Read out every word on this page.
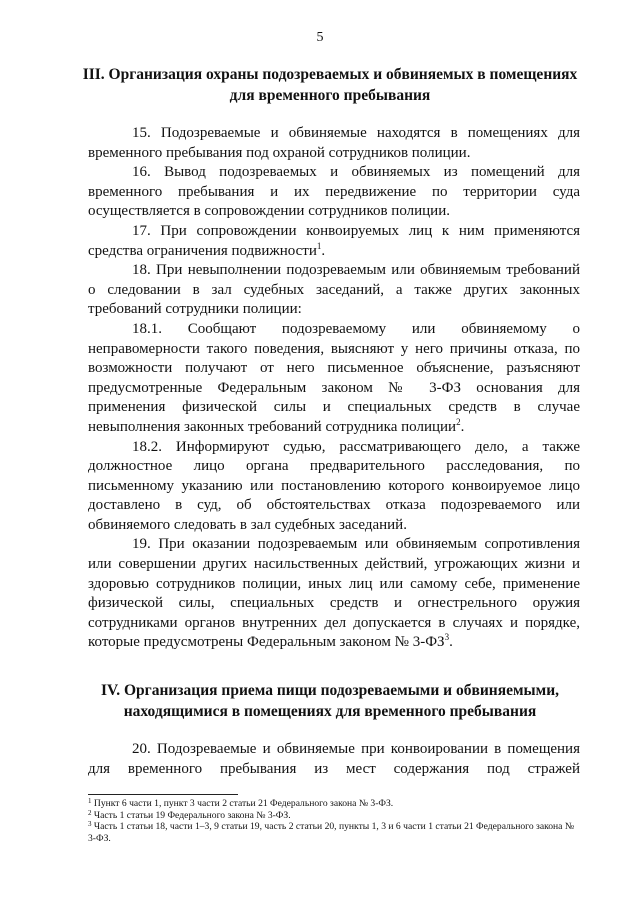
5
III. Организация охраны подозреваемых и обвиняемых в помещениях
для временного пребывания

15. Подозреваемые и обвиняемые находятся в помещениях для временного пребывания под охраной сотрудников полиции.

16. Вывод подозреваемых и обвиняемых из помещений для временного пребывания и их передвижение по территории суда осуществляется в сопровождении сотрудников полиции.

17. При сопровождении конвоируемых лиц к ним применяются средства ограничения подвижности$^1$.

18. При невыполнении подозреваемым или обвиняемым требований о следовании в зал судебных заседаний, а также других законных требований сотрудники полиции:

18.1. Сообщают подозреваемому или обвиняемому о неправомерности такого поведения, выясняют у него причины отказа, по возможности получают от него письменное объяснение, разъясняют предусмотренные Федеральным законом № 3-ФЗ основания для применения физической силы и специальных средств в случае невыполнения законных требований сотрудника полиции$^2$.

18.2. Информируют судью, рассматривающего дело, а также должностное лицо органа предварительного расследования, по письменному указанию или постановлению которого конвоируемое лицо доставлено в суд, об обстоятельствах отказа подозреваемого или обвиняемого следовать в зал судебных заседаний.

19. При оказании подозреваемым или обвиняемым сопротивления или совершении других насильственных действий, угрожающих жизни и здоровью сотрудников полиции, иных лиц или самому себе, применение физической силы, специальных средств и огнестрельного оружия сотрудниками органов внутренних дел допускается в случаях и порядке, которые предусмотрены Федеральным законом № $3-ФЗ^3$.

IV. Организация приема пищи подозреваемыми и обвиняемыми,
находящимися в помещениях для временного пребывания

20. Подозреваемые и обвиняемые при конвоировании в помещения для временного пребывания из мест содержания под стражей

$^1$ Пункт 6 части 1, пункт 3 части 2 статьи 21 Федерального закона № 3-ФЗ.
$^2$ Часть 1 статьи 19 Федерального закона № 3-ФЗ.
$^3$ Часть 1 статьи 18, части 1–3, 9 статьи 19, часть 2 статьи 20, пункты 1, 3 и 6 части 1 статьи 21 Федерального закона № 3-ФЗ.
